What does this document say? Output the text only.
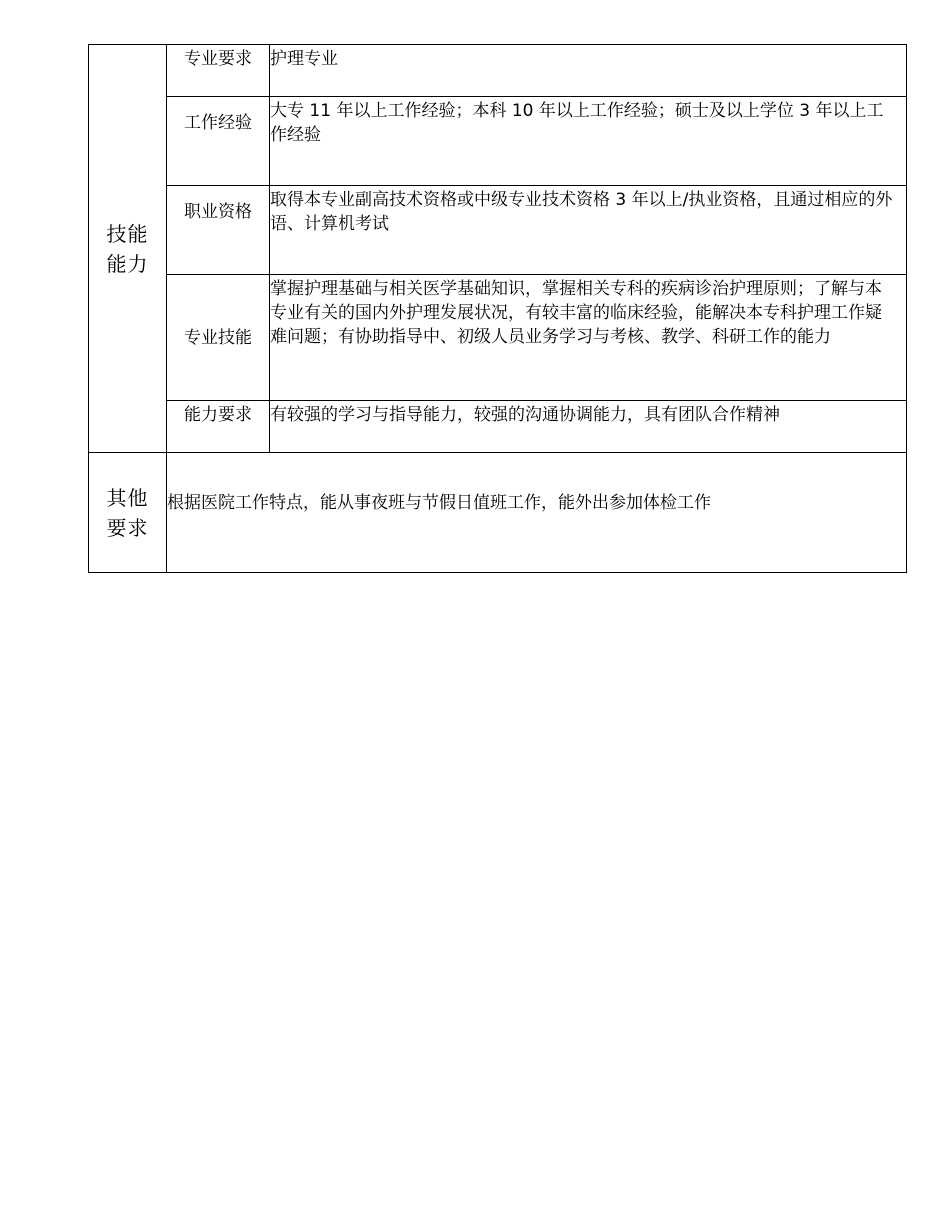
技能
能力	专业要求	护理专业
	工作经验	大专 11 年以上工作经验；本科 10 年以上工作经验；硕士及以上学位 3 年以上工作经验
	职业资格	取得本专业副高技术资格或中级专业技术资格 3 年以上/执业资格，且通过相应的外语、计算机考试
	专业技能	掌握护理基础与相关医学基础知识，掌握相关专科的疾病诊治护理原则；了解与本专业有关的国内外护理发展状况，有较丰富的临床经验，能解决本专科护理工作疑难问题；有协助指导中、初级人员业务学习与考核、教学、科研工作的能力
	能力要求	有较强的学习与指导能力，较强的沟通协调能力，具有团队合作精神

其他
要求	根据医院工作特点，能从事夜班与节假日值班工作，能外出参加体检工作	
